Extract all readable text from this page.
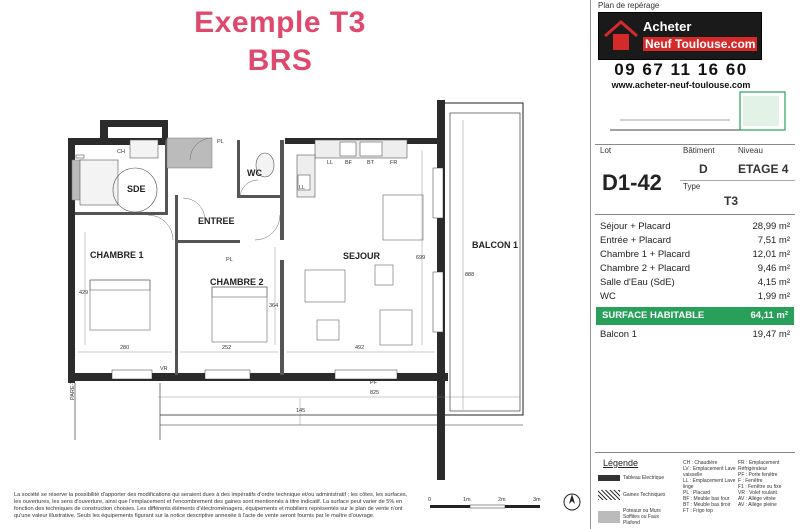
Exemple T3
BRS
SDE
ENTREE
WC
CHAMBRE 1
CHAMBRE 2
SEJOUR
BALCON 1
CH
PL
PL
LL BF	BT	FR
LL
PF
VR
PARE-VUE
280	252	492
825
145
888
429
364
699
0	1m	2m	3m
Plan de repérage
Acheter
Neuf Toulouse.com
09 67 11 16 60
www.acheter-neuf-toulouse.com
Lot	Bâtiment	Niveau
D1-42
D	ETAGE 4
Type
T3
Séjour + Placard	28,99 m²
Entrée + Placard	7,51 m²
Chambre 1 + Placard	12,01 m²
Chambre 2 + Placard	9,46 m²
Salle d'Eau (SdE)	4,15 m²
WC	1,99 m²
SURFACE HABITABLE	64,11 m²
Balcon 1	19,47 m²
Légende
Tableau Electrique
Gaines Techniques
Poteaux ou Murs Soffites ou Faux Plafond
CH : Chaudière
LV : Emplacement Lave vaisselle
LL : Emplacement Lave linge
PL : Placard
BF : Meuble bas four
BT : Meuble bas tiroir
FT : Frigo top
FR : Emplacement Réfrigérateur
PF : Porte fenêtre
F : Fenêtre
F1 : Fenêtre ou fixe
VR : Volet roulant
AV : Allège vitrée
AV : Allège pleine
La société se réserve la possibilité d'apporter des modifications qui seraient dues à des impératifs d'ordre technique et/ou administratif ; les côtes, les surfaces, les ouvertures, les sens d'ouverture, ainsi que l'emplacement et l'encombrement des gaines sont mentionnés à titre indicatif. La surface peut varier de 5% en fonction des techniques de construction choisies. Les différents éléments d'électroménagers, équipements et mobiliers représentés sur le plan de vente n'ont qu'une valeur illustrative. Seuls les équipements figurant sur la notice descriptive annexée à l'acte de vente seront fournis par le maître d'ouvrage.
